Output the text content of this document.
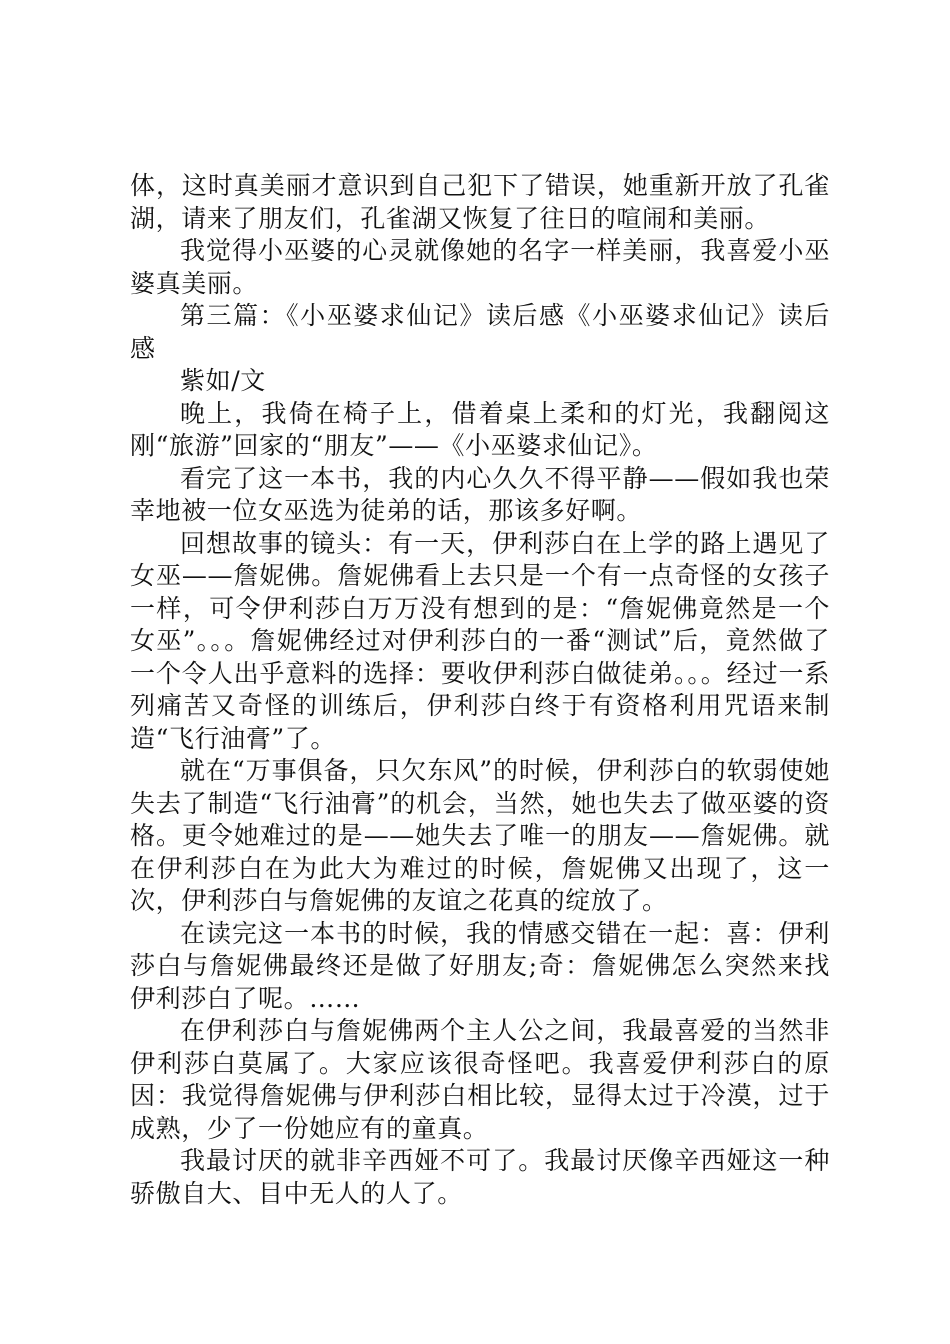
体，这时真美丽才意识到自己犯下了错误，她重新开放了孔雀湖，请来了朋友们，孔雀湖又恢复了往日的喧闹和美丽。

我觉得小巫婆的心灵就像她的名字一样美丽，我喜爱小巫婆真美丽。

第三篇：《小巫婆求仙记》读后感《小巫婆求仙记》读后感

紫如/文

晚上，我倚在椅子上，借着桌上柔和的灯光，我翻阅这刚“旅游”回家的“朋友”——《小巫婆求仙记》。

看完了这一本书，我的内心久久不得平静——假如我也荣幸地被一位女巫选为徒弟的话，那该多好啊。

回想故事的镜头：有一天，伊利莎白在上学的路上遇见了女巫——詹妮佛。詹妮佛看上去只是一个有一点奇怪的女孩子一样，可令伊利莎白万万没有想到的是：“詹妮佛竟然是一个女巫”。。。詹妮佛经过对伊利莎白的一番“测试”后，竟然做了一个令人出乎意料的选择：要收伊利莎白做徒弟。。。经过一系列痛苦又奇怪的训练后，伊利莎白终于有资格利用咒语来制造“飞行油膏”了。

就在“万事俱备，只欠东风”的时候，伊利莎白的软弱使她失去了制造“飞行油膏”的机会，当然，她也失去了做巫婆的资格。更令她难过的是——她失去了唯一的朋友——詹妮佛。就在伊利莎白在为此大为难过的时候，詹妮佛又出现了，这一次，伊利莎白与詹妮佛的友谊之花真的绽放了。

在读完这一本书的时候，我的情感交错在一起：喜：伊利莎白与詹妮佛最终还是做了好朋友;奇：詹妮佛怎么突然来找伊利莎白了呢。……

在伊利莎白与詹妮佛两个主人公之间，我最喜爱的当然非伊利莎白莫属了。大家应该很奇怪吧。我喜爱伊利莎白的原因：我觉得詹妮佛与伊利莎白相比较，显得太过于冷漠，过于成熟，少了一份她应有的童真。

我最讨厌的就非辛西娅不可了。我最讨厌像辛西娅这一种骄傲自大、目中无人的人了。
